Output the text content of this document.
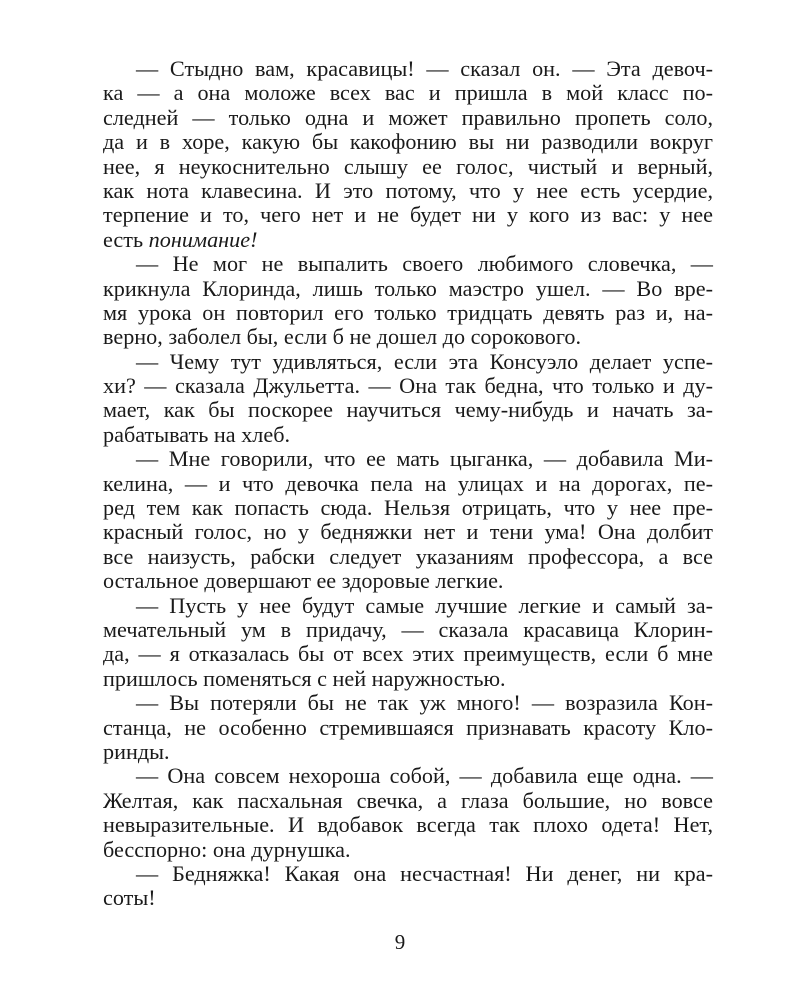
— Стыдно вам, красавицы! — сказал он. — Эта девоч-
ка — а она моложе всех вас и пришла в мой класс по-
следней — только одна и может правильно пропеть соло,
да и в хоре, какую бы какофонию вы ни разводили вокруг
нее, я неукоснительно слышу ее голос, чистый и верный,
как нота клавесина. И это потому, что у нее есть усердие,
терпение и то, чего нет и не будет ни у кого из вас: у нее
есть понимание!
— Не мог не выпалить своего любимого словечка, —
крикнула Клоринда, лишь только маэстро ушел. — Во вре-
мя урока он повторил его только тридцать девять раз и, на-
верно, заболел бы, если б не дошел до сорокового.
— Чему тут удивляться, если эта Консуэло делает успе-
хи? — сказала Джульетта. — Она так бедна, что только и ду-
мает, как бы поскорее научиться чему-нибудь и начать за-
рабатывать на хлеб.
— Мне говорили, что ее мать цыганка, — добавила Ми-
келина, — и что девочка пела на улицах и на дорогах, пе-
ред тем как попасть сюда. Нельзя отрицать, что у нее пре-
красный голос, но у бедняжки нет и тени ума! Она долбит
все наизусть, рабски следует указаниям профессора, а все
остальное довершают ее здоровые легкие.
— Пусть у нее будут самые лучшие легкие и самый за-
мечательный ум в придачу, — сказала красавица Клорин-
да, — я отказалась бы от всех этих преимуществ, если б мне
пришлось поменяться с ней наружностью.
— Вы потеряли бы не так уж много! — возразила Кон-
станца, не особенно стремившаяся признавать красоту Кло-
ринды.
— Она совсем нехороша собой, — добавила еще одна. —
Желтая, как пасхальная свечка, а глаза большие, но вовсе
невыразительные. И вдобавок всегда так плохо одета! Нет,
бесспорно: она дурнушка.
— Бедняжка! Какая она несчастная! Ни денег, ни кра-
соты!
9
